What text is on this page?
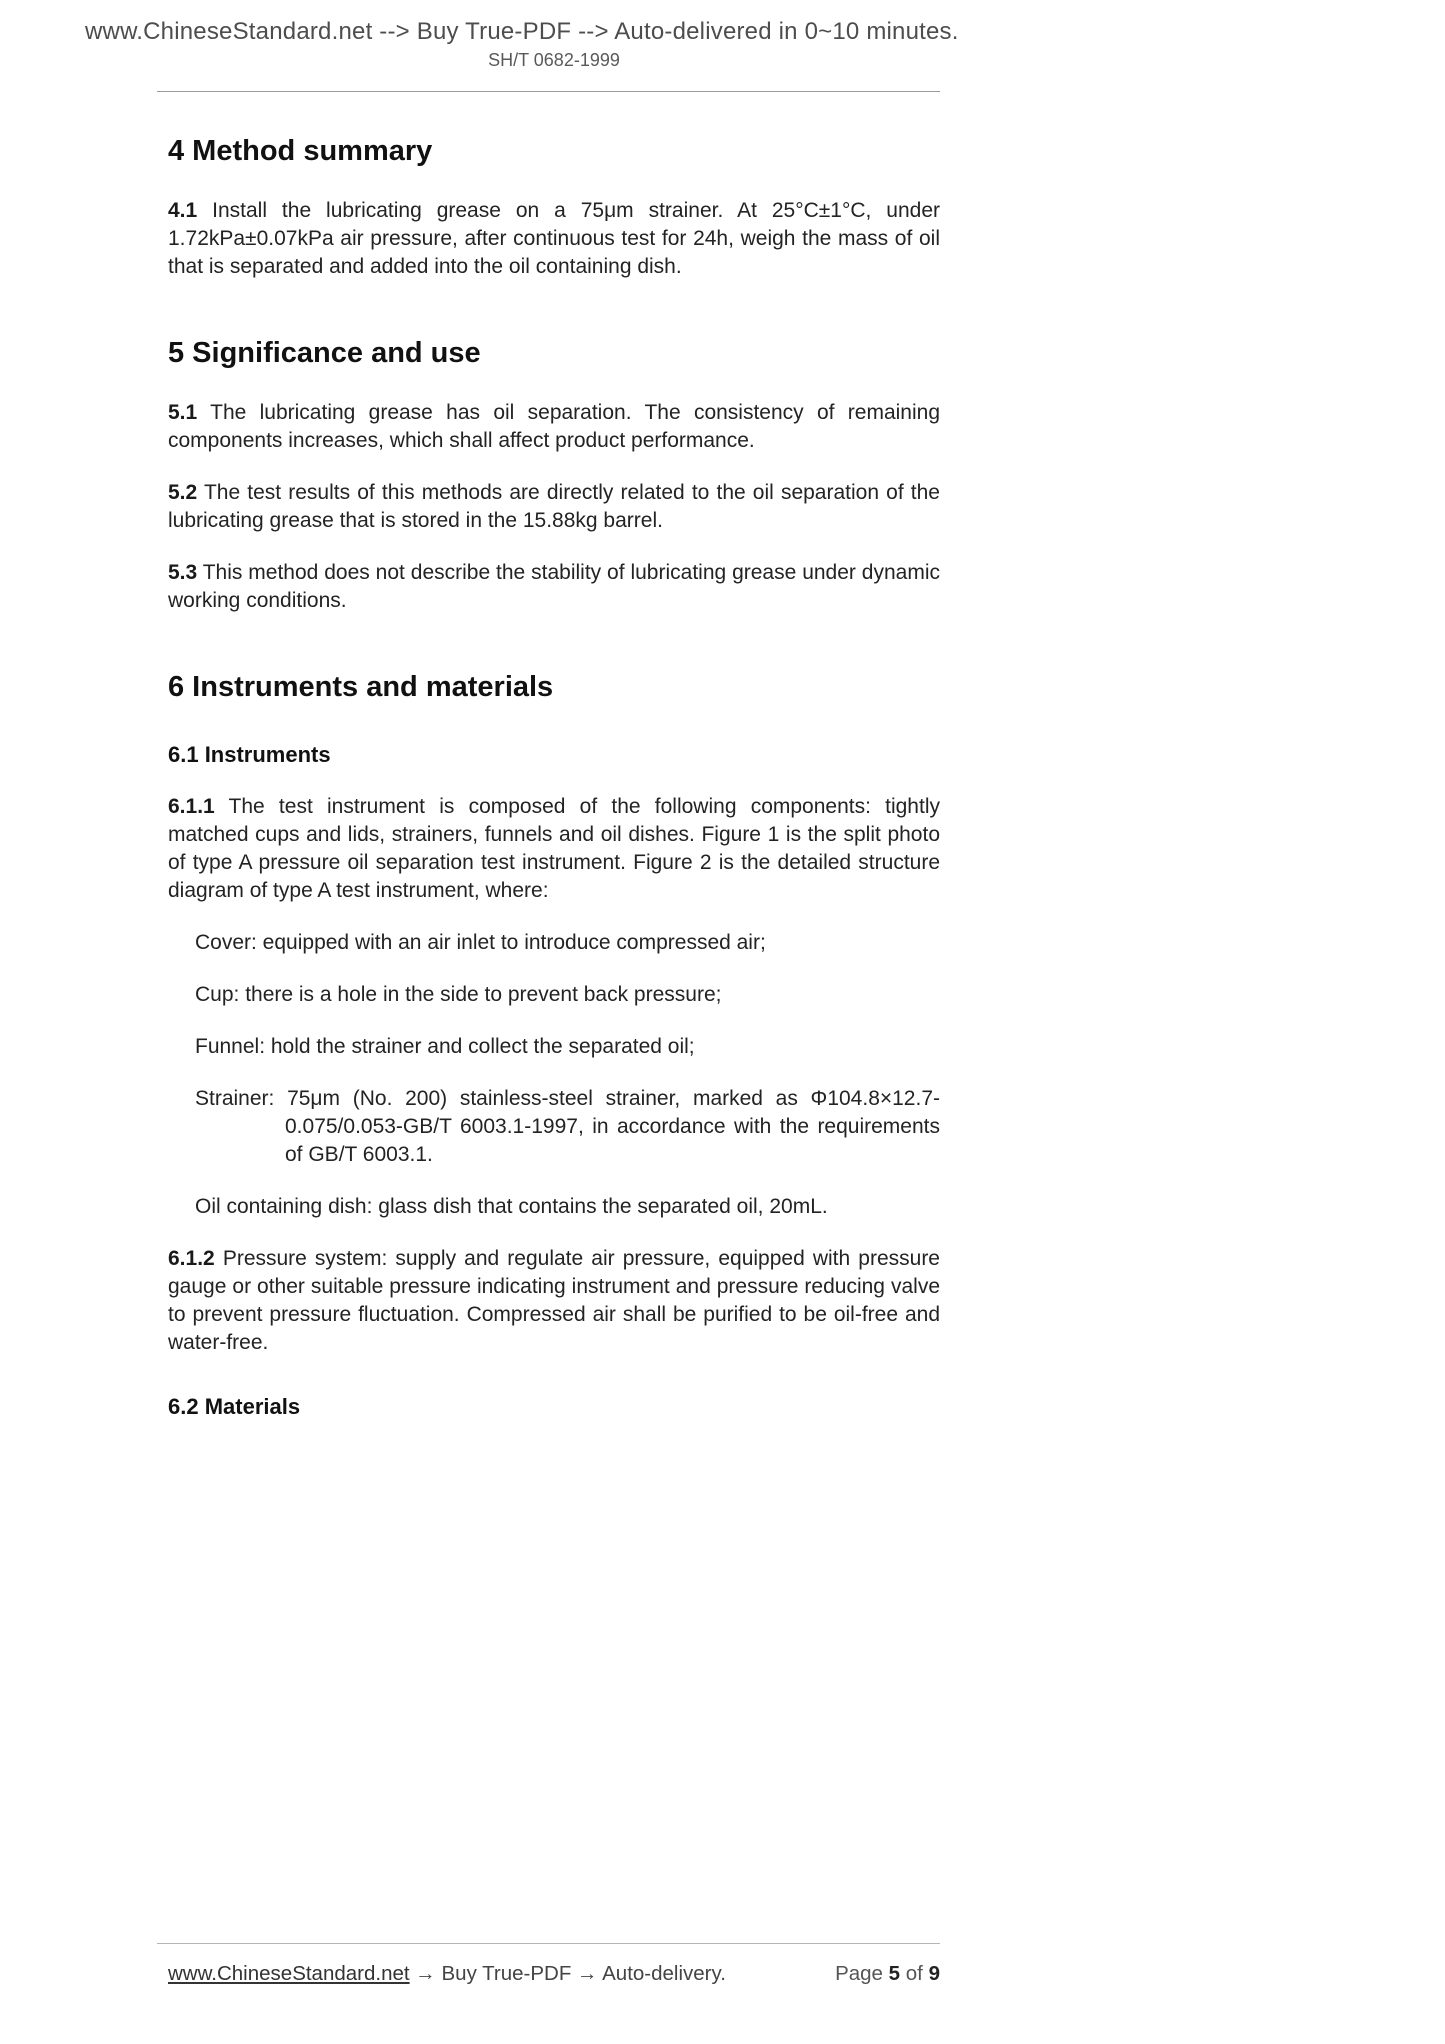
www.ChineseStandard.net --> Buy True-PDF --> Auto-delivered in 0~10 minutes.
SH/T 0682-1999
4 Method summary

4.1 Install the lubricating grease on a 75μm strainer. At 25°C±1°C, under 1.72kPa±0.07kPa air pressure, after continuous test for 24h, weigh the mass of oil that is separated and added into the oil containing dish.

5 Significance and use

5.1 The lubricating grease has oil separation. The consistency of remaining components increases, which shall affect product performance.

5.2 The test results of this methods are directly related to the oil separation of the lubricating grease that is stored in the 15.88kg barrel.

5.3 This method does not describe the stability of lubricating grease under dynamic working conditions.

6 Instruments and materials
6.1 Instruments

6.1.1 The test instrument is composed of the following components: tightly matched cups and lids, strainers, funnels and oil dishes. Figure 1 is the split photo of type A pressure oil separation test instrument. Figure 2 is the detailed structure diagram of type A test instrument, where:

Cover: equipped with an air inlet to introduce compressed air;

Cup: there is a hole in the side to prevent back pressure;

Funnel: hold the strainer and collect the separated oil;

Strainer: 75μm (No. 200) stainless-steel strainer, marked as Φ104.8×12.7-0.075/0.053-GB/T 6003.1-1997, in accordance with the requirements of GB/T 6003.1.

Oil containing dish: glass dish that contains the separated oil, 20mL.

6.1.2 Pressure system: supply and regulate air pressure, equipped with pressure gauge or other suitable pressure indicating instrument and pressure reducing valve to prevent pressure fluctuation. Compressed air shall be purified to be oil-free and water-free.

6.2 Materials
www.ChineseStandard.net → Buy True-PDF → Auto-delivery.	Page 5 of 9
